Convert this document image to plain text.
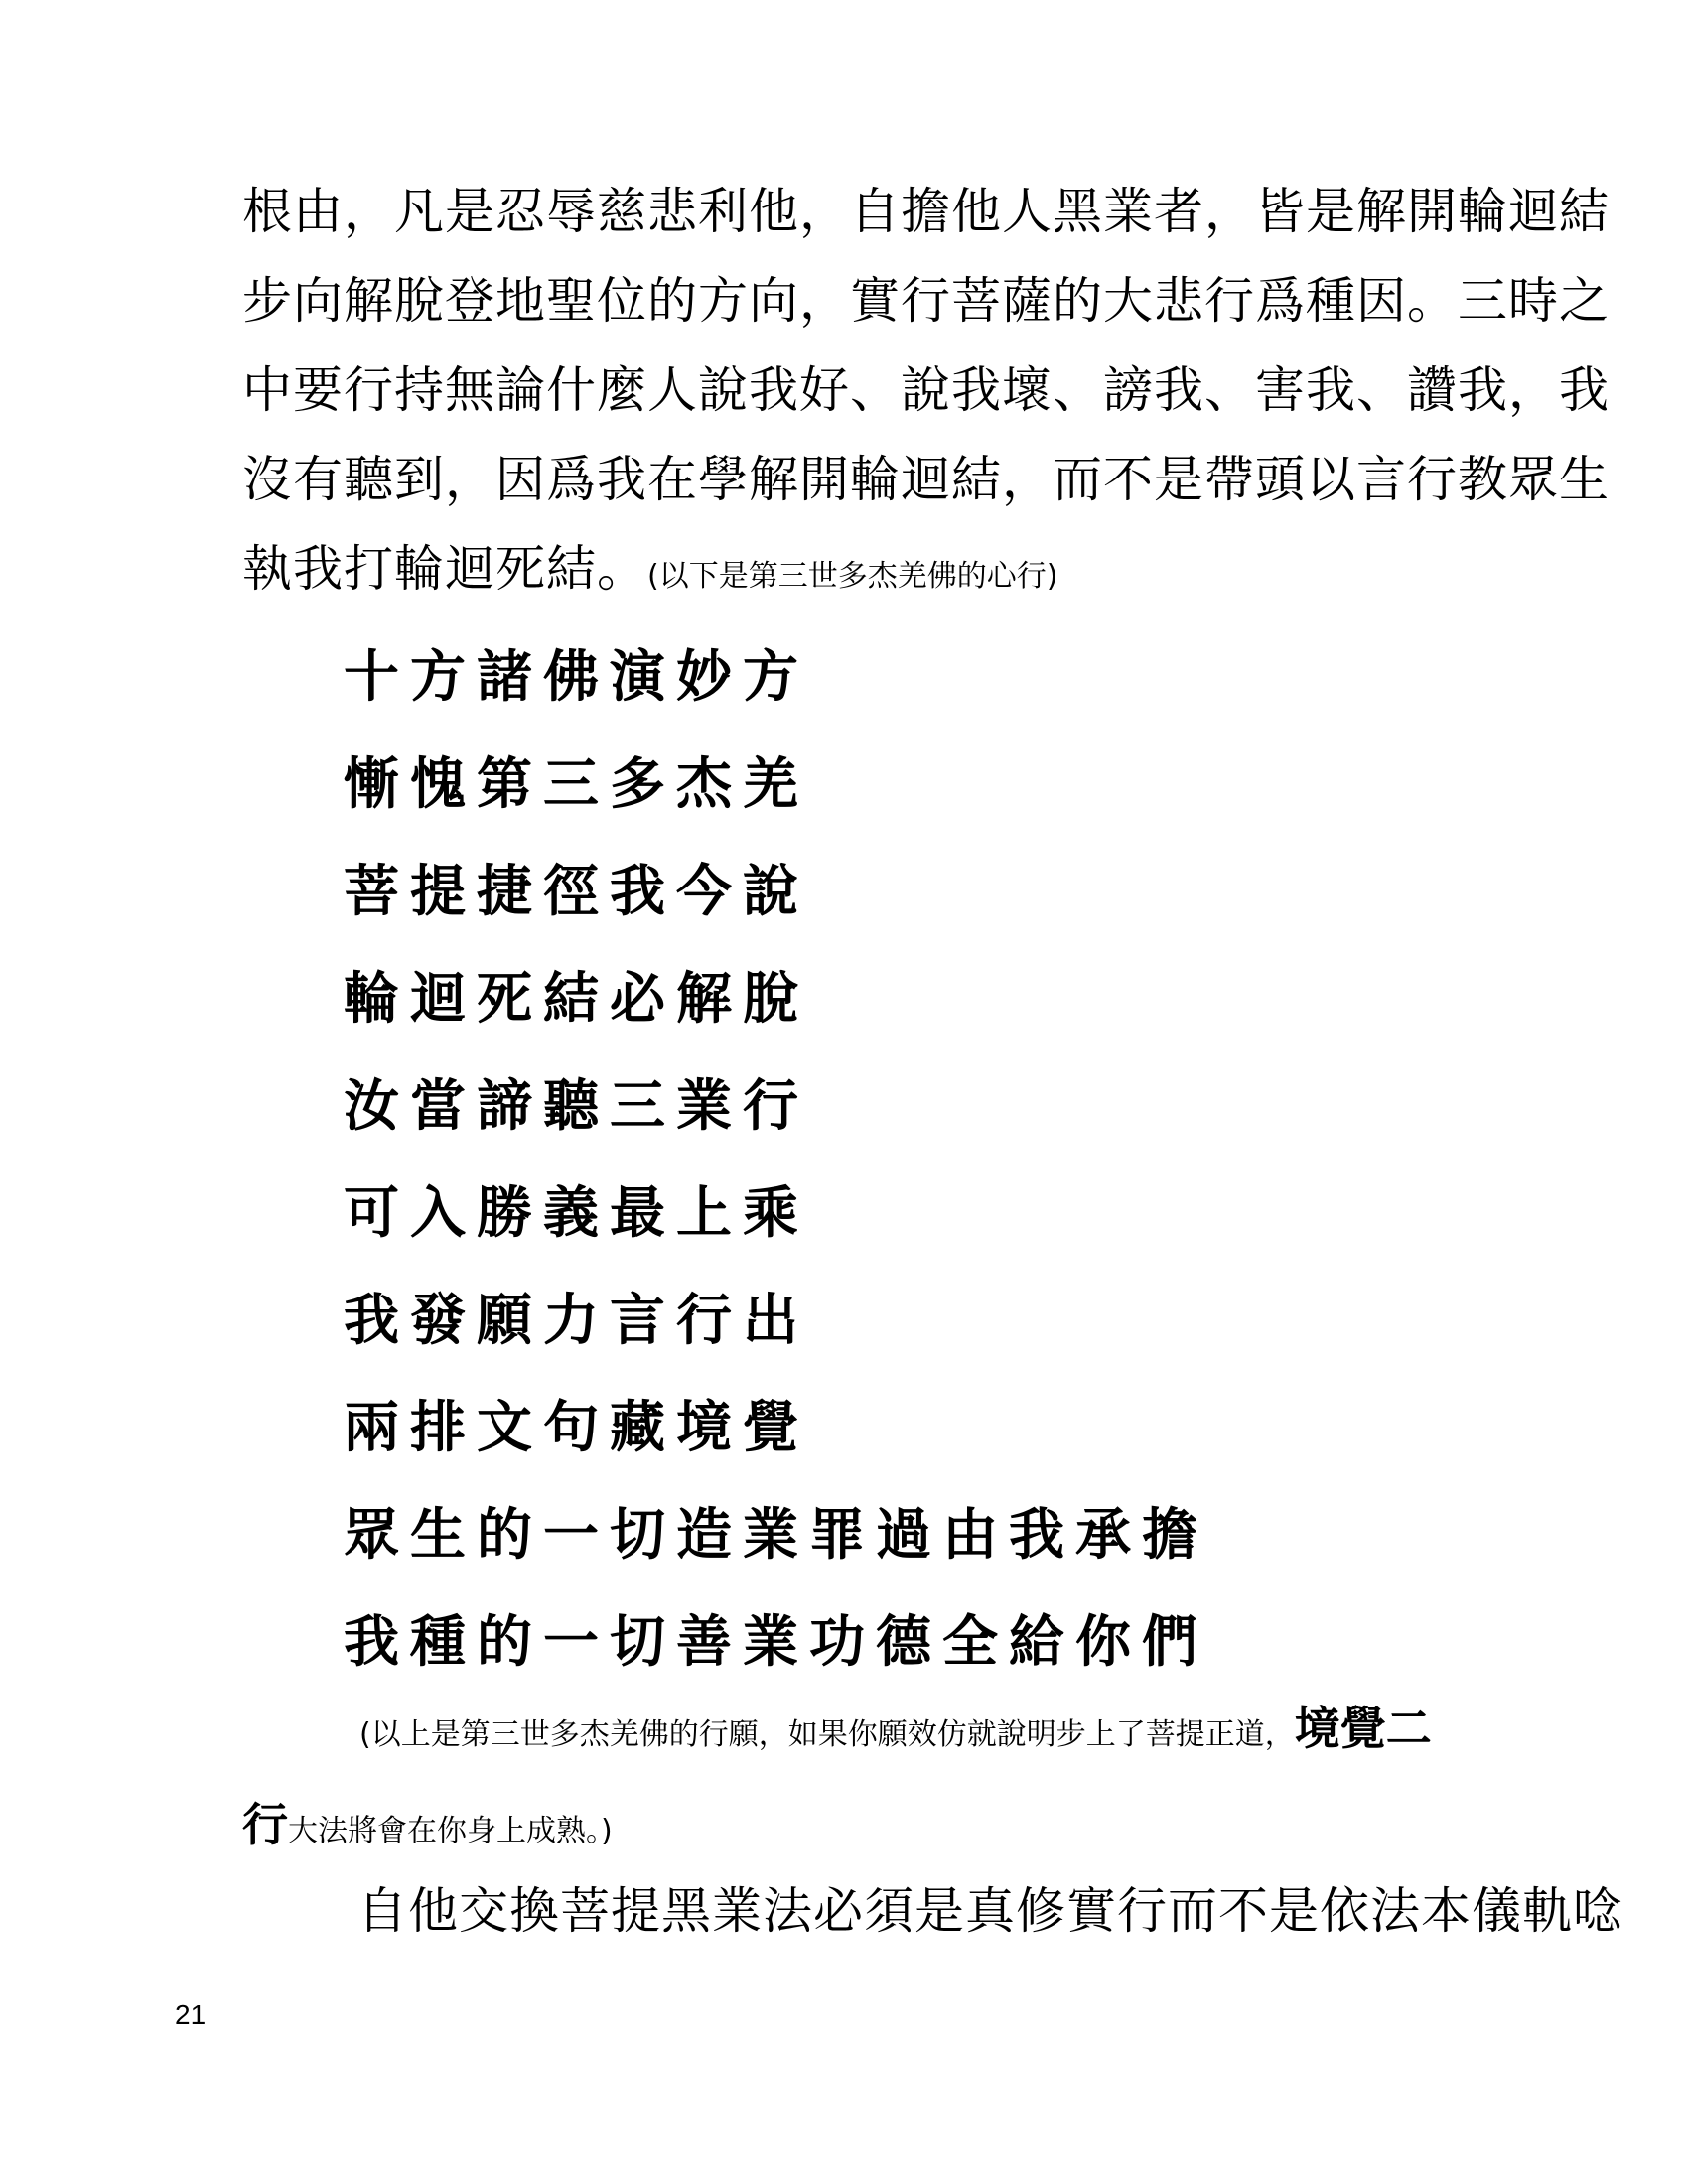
根由，凡是忍辱慈悲利他，自擔他人黑業者，皆是解開輪迴結
步向解脫登地聖位的方向，實行菩薩的大悲行爲種因。三時之
中要行持無論什麼人說我好、說我壞、謗我、害我、讚我，我
沒有聽到，因爲我在學解開輪迴結，而不是帶頭以言行教眾生
執我打輪迴死結。(以下是第三世多杰羌佛的心行)
十方諸佛演妙方
慚愧第三多杰羌
菩提捷徑我今說
輪迴死結必解脫
汝當諦聽三業行
可入勝義最上乘
我發願力言行出
兩排文句藏境覺
眾生的一切造業罪過由我承擔
我種的一切善業功德全給你們
(以上是第三世多杰羌佛的行願，如果你願效仿就說明步上了菩提正道，境覺二
行大法將會在你身上成熟。)
自他交換菩提黑業法必須是真修實行而不是依法本儀軌唸
21
